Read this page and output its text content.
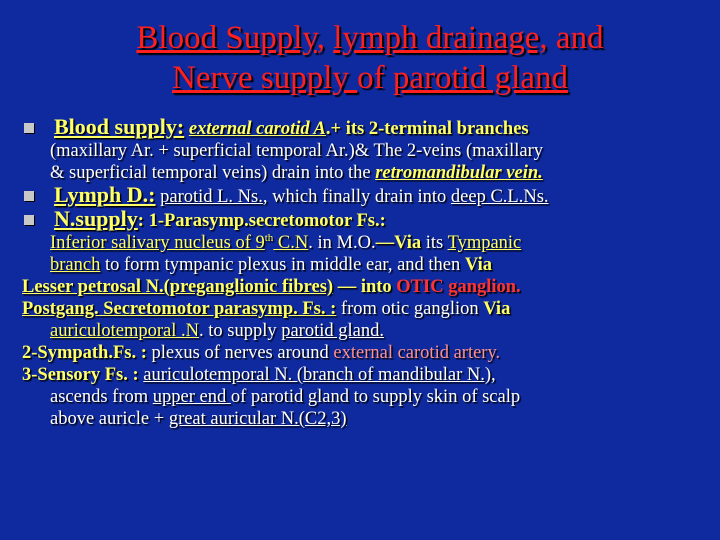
Blood Supply, lymph drainage, and
Nerve supply of parotid gland
Blood supply: external carotid A.+ its 2-terminal branches
(maxillary Ar. + superficial temporal Ar.)& The 2-veins (maxillary
& superficial temporal veins) drain into the retromandibular vein.
Lymph D.: parotid L. Ns., which finally drain into deep C.L.Ns.
N.supply: 1-Parasymp.secretomotor Fs.:
Inferior salivary nucleus of 9th C.N. in M.O.—Via its Tympanic
branch to form tympanic plexus in middle ear, and then Via
Lesser petrosal N.(preganglionic fibres) — into OTIC ganglion.
Postgang. Secretomotor parasymp. Fs. : from otic ganglion Via
auriculotemporal .N. to supply parotid gland.
2-Sympath.Fs. : plexus of nerves around external carotid artery.
3-Sensory Fs. : auriculotemporal N. (branch of mandibular N.),
ascends from upper end of parotid gland to supply skin of scalp
above auricle + great auricular N.(C2,3)
